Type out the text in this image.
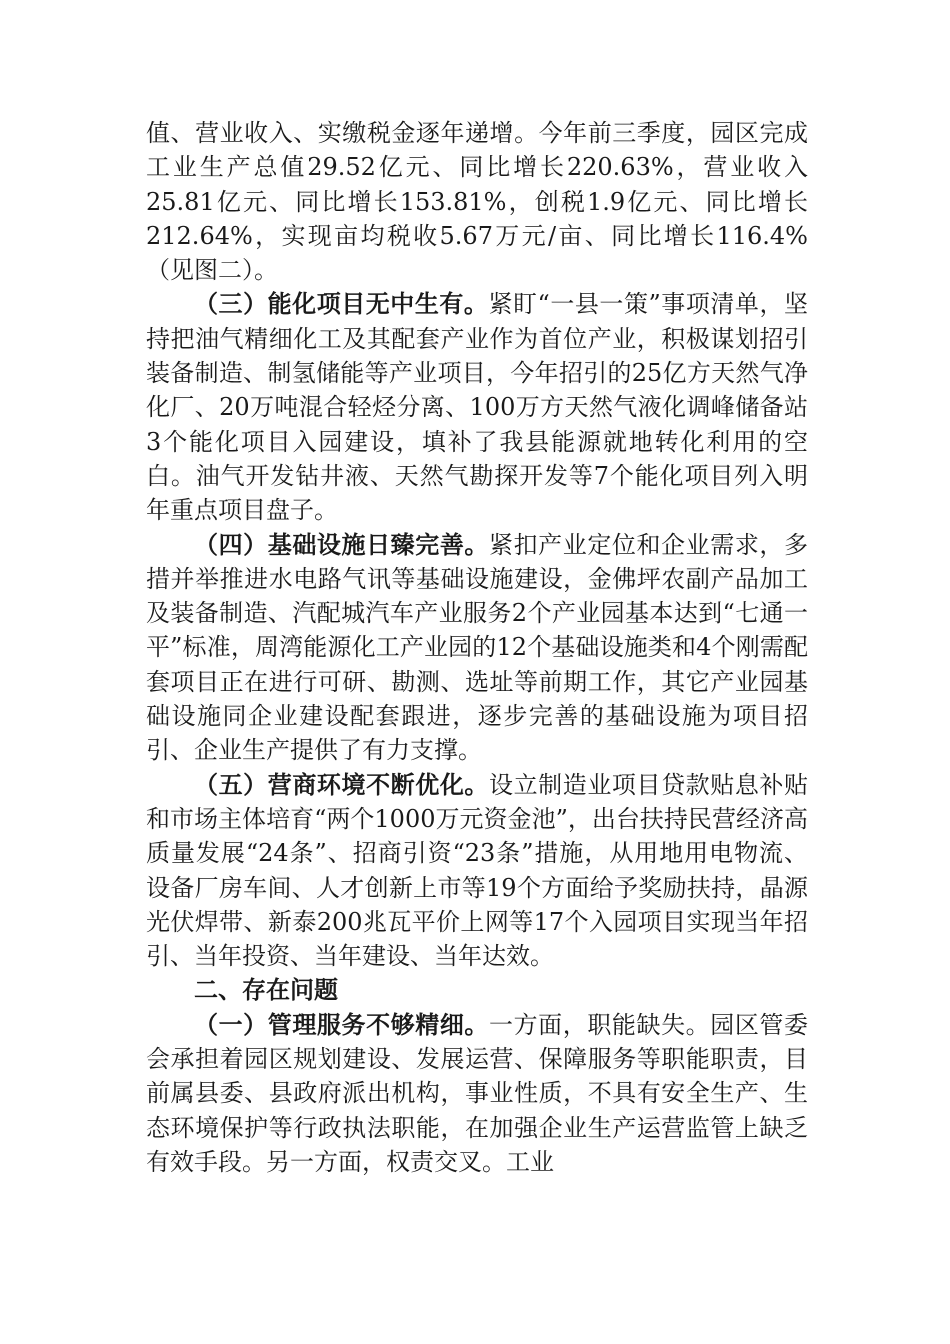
值、营业收入、实缴税金逐年递增。今年前三季度，园区完成工业生产总值29.52亿元、同比增长220.63%，营业收入25.81亿元、同比增长153.81%，创税1.9亿元、同比增长212.64%，实现亩均税收5.67万元/亩、同比增长116.4%（见图二）。

（三）能化项目无中生有。紧盯“一县一策”事项清单，坚持把油气精细化工及其配套产业作为首位产业，积极谋划招引装备制造、制氢储能等产业项目，今年招引的25亿方天然气净化厂、20万吨混合轻烃分离、100万方天然气液化调峰储备站3个能化项目入园建设，填补了我县能源就地转化利用的空白。油气开发钻井液、天然气勘探开发等7个能化项目列入明年重点项目盘子。

（四）基础设施日臻完善。紧扣产业定位和企业需求，多措并举推进水电路气讯等基础设施建设，金佛坪农副产品加工及装备制造、汽配城汽车产业服务2个产业园基本达到“七通一平”标准，周湾能源化工产业园的12个基础设施类和4个刚需配套项目正在进行可研、勘测、选址等前期工作，其它产业园基础设施同企业建设配套跟进，逐步完善的基础设施为项目招引、企业生产提供了有力支撑。

（五）营商环境不断优化。设立制造业项目贷款贴息补贴和市场主体培育“两个1000万元资金池”，出台扶持民营经济高质量发展“24条”、招商引资“23条”措施，从用地用电物流、设备厂房车间、人才创新上市等19个方面给予奖励扶持，晶源光伏焊带、新泰200兆瓦平价上网等17个入园项目实现当年招引、当年投资、当年建设、当年达效。

二、存在问题

（一）管理服务不够精细。一方面，职能缺失。园区管委会承担着园区规划建设、发展运营、保障服务等职能职责，目前属县委、县政府派出机构，事业性质，不具有安全生产、生态环境保护等行政执法职能，在加强企业生产运营监管上缺乏有效手段。另一方面，权责交叉。工业
